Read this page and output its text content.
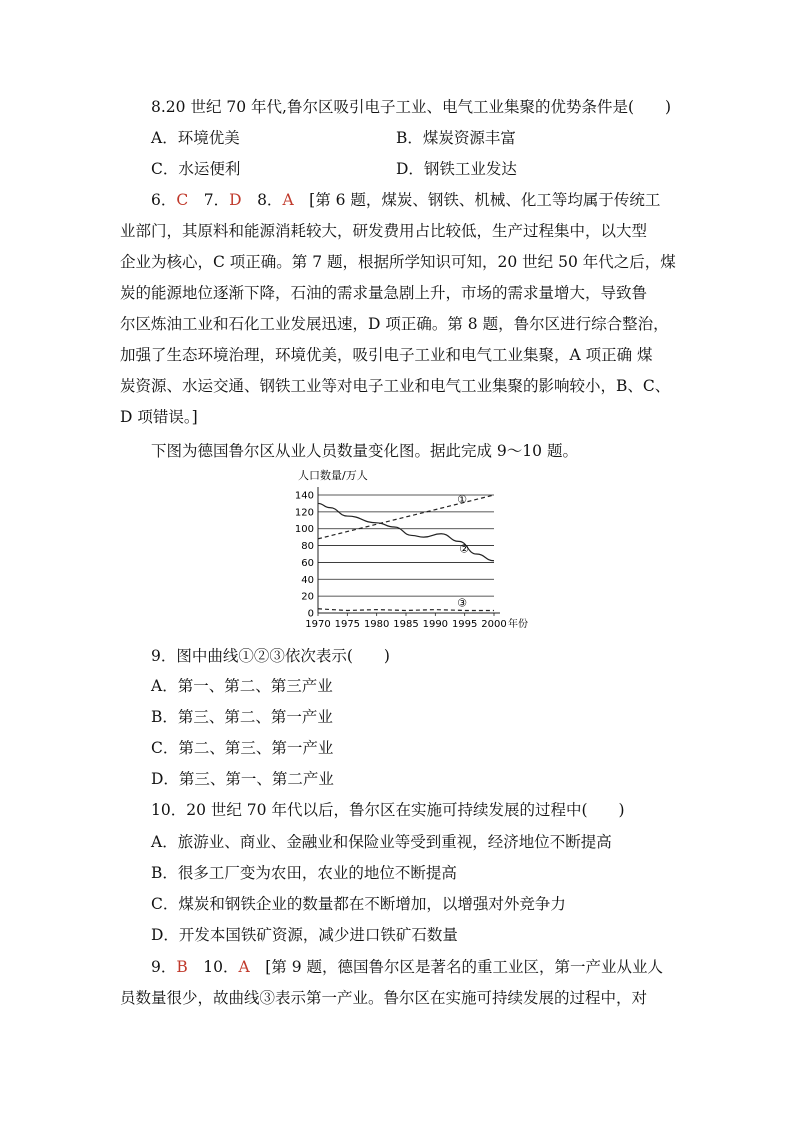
8.20 世纪 70 年代,鲁尔区吸引电子工业、电气工业集聚的优势条件是(　　)
A．环境优美	B．煤炭资源丰富
C．水运便利	D．钢铁工业发达
6．C　7．D　8．A　 [第 6 题，煤炭、钢铁、机械、化工等均属于传统工
业部门，其原料和能源消耗较大，研发费用占比较低，生产过程集中，以大型
企业为核心，C 项正确。第 7 题，根据所学知识可知，20 世纪 50 年代之后，煤
炭的能源地位逐渐下降，石油的需求量急剧上升，市场的需求量增大，导致鲁
尔区炼油工业和石化工业发展迅速，D 项正确。第 8 题，鲁尔区进行综合整治，
加强了生态环境治理，环境优美，吸引电子工业和电气工业集聚，A 项正确 煤
炭资源、水运交通、钢铁工业等对电子工业和电气工业集聚的影响较小，B、C、
D 项错误。]
下图为德国鲁尔区从业人员数量变化图。据此完成 9～10 题。
人口数量/万人
0
20
40
60
80
100
120
140
1970 1975 1980 1985 1990 1995 2000 年份
①
②
③
9．图中曲线①②③依次表示(　　)
A．第一、第二、第三产业
B．第三、第二、第一产业
C．第二、第三、第一产业
D．第三、第一、第二产业
10．20 世纪 70 年代以后，鲁尔区在实施可持续发展的过程中(　　)
A．旅游业、商业、金融业和保险业等受到重视，经济地位不断提高
B．很多工厂变为农田，农业的地位不断提高
C．煤炭和钢铁企业的数量都在不断增加，以增强对外竞争力
D．开发本国铁矿资源，减少进口铁矿石数量
9．B　10．A　 [第 9 题，德国鲁尔区是著名的重工业区，第一产业从业人
员数量很少，故曲线③表示第一产业。鲁尔区在实施可持续发展的过程中，对
